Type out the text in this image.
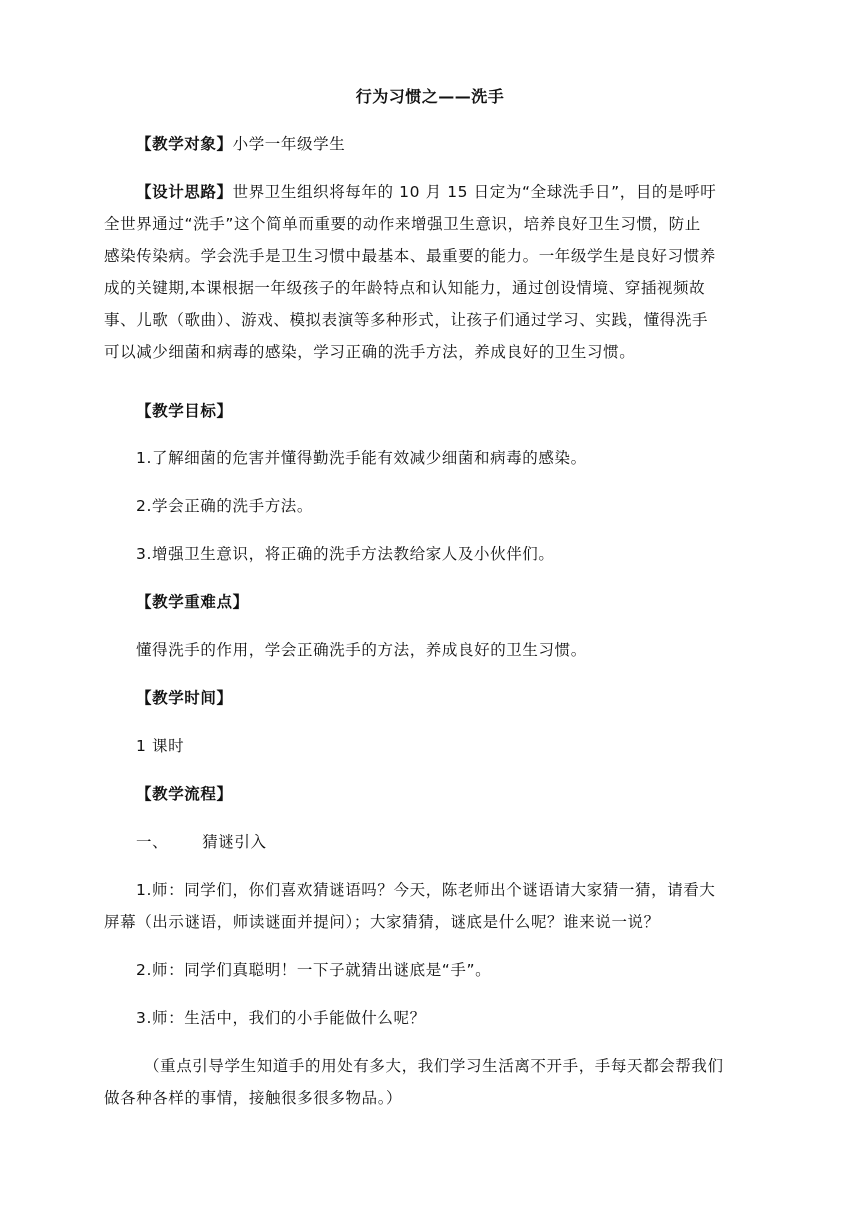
行为习惯之——洗手
【教学对象】小学一年级学生
【设计思路】世界卫生组织将每年的 10 月 15 日定为“全球洗手日”，目的是呼吁
全世界通过“洗手”这个简单而重要的动作来增强卫生意识，培养良好卫生习惯，防止
感染传染病。学会洗手是卫生习惯中最基本、最重要的能力。一年级学生是良好习惯养
成的关键期,本课根据一年级孩子的年龄特点和认知能力，通过创设情境、穿插视频故
事、儿歌（歌曲）、游戏、模拟表演等多种形式，让孩子们通过学习、实践，懂得洗手
可以减少细菌和病毒的感染，学习正确的洗手方法，养成良好的卫生习惯。
【教学目标】
1.了解细菌的危害并懂得勤洗手能有效减少细菌和病毒的感染。
2.学会正确的洗手方法。
3.增强卫生意识，将正确的洗手方法教给家人及小伙伴们。
【教学重难点】
懂得洗手的作用，学会正确洗手的方法，养成良好的卫生习惯。
【教学时间】
1 课时
【教学流程】
一、 猜谜引入
1.师：同学们，你们喜欢猜谜语吗？今天，陈老师出个谜语请大家猜一猜，请看大
屏幕（出示谜语，师读谜面并提问）；大家猜猜，谜底是什么呢？谁来说一说？
2.师：同学们真聪明！一下子就猜出谜底是“手”。
3.师：生活中，我们的小手能做什么呢？
（重点引导学生知道手的用处有多大，我们学习生活离不开手，手每天都会帮我们
做各种各样的事情，接触很多很多物品。）
